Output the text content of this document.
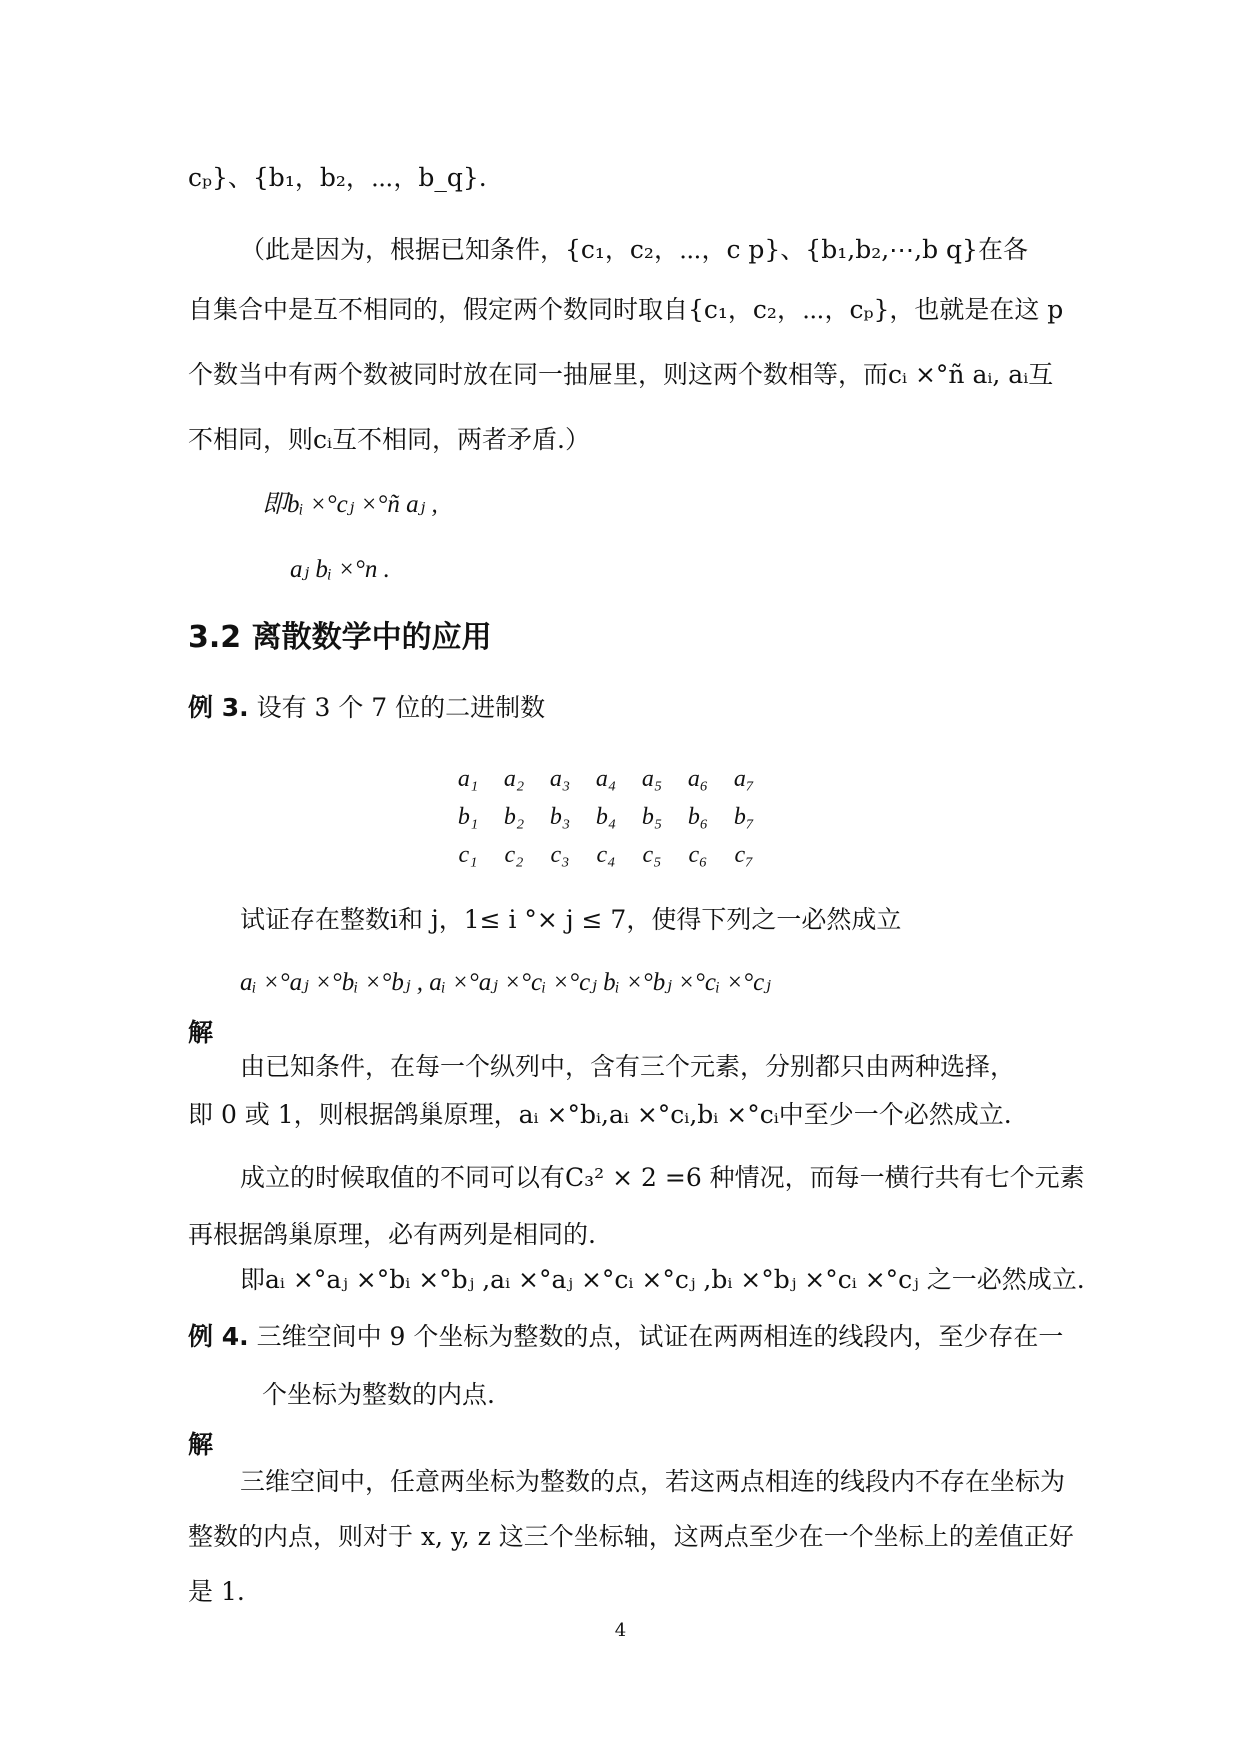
cₚ}、{b₁，b₂，⋯，b_q}.
（此是因为，根据已知条件，{c₁，c₂，⋯，c p}、{b₁,b₂,⋯,b q}在各
自集合中是互不相同的，假定两个数同时取自{c₁，c₂，⋯，cₚ}，也就是在这 p
个数当中有两个数被同时放在同一抽屉里，则这两个数相等，而cᵢ ×°ñ aᵢ, aᵢ互
不相同，则cᵢ互不相同，两者矛盾.）
即bᵢ ×°cⱼ ×°ñ aⱼ ,
aⱼ bᵢ ×°n .
3.2 离散数学中的应用
例 3. 设有 3 个 7 位的二进制数
a₁	a₂	a₃	a₄	a₅	a₆	a₇
b₁	b₂	b₃	b₄	b₅	b₆	b₇
c₁	c₂	c₃	c₄	c₅	c₆	c₇
试证存在整数i和 j，1≤ i °× j ≤ 7，使得下列之一必然成立
aᵢ ×°aⱼ ×°bᵢ ×°bⱼ , aᵢ ×°aⱼ ×°cᵢ ×°cⱼ bᵢ ×°bⱼ ×°cᵢ ×°cⱼ
解
由已知条件，在每一个纵列中，含有三个元素，分别都只由两种选择，
即 0 或 1，则根据鸽巢原理，aᵢ ×°bᵢ,aᵢ ×°cᵢ,bᵢ ×°cᵢ中至少一个必然成立.
成立的时候取值的不同可以有C₃² × 2 =6 种情况，而每一横行共有七个元素
再根据鸽巢原理，必有两列是相同的.
即aᵢ ×°aⱼ ×°bᵢ ×°bⱼ ,aᵢ ×°aⱼ ×°cᵢ ×°cⱼ ,bᵢ ×°bⱼ ×°cᵢ ×°cⱼ 之一必然成立.
例 4. 三维空间中 9 个坐标为整数的点，试证在两两相连的线段内，至少存在一
个坐标为整数的内点.
解
三维空间中，任意两坐标为整数的点，若这两点相连的线段内不存在坐标为
整数的内点，则对于 x, y, z 这三个坐标轴，这两点至少在一个坐标上的差值正好
是 1.
4
